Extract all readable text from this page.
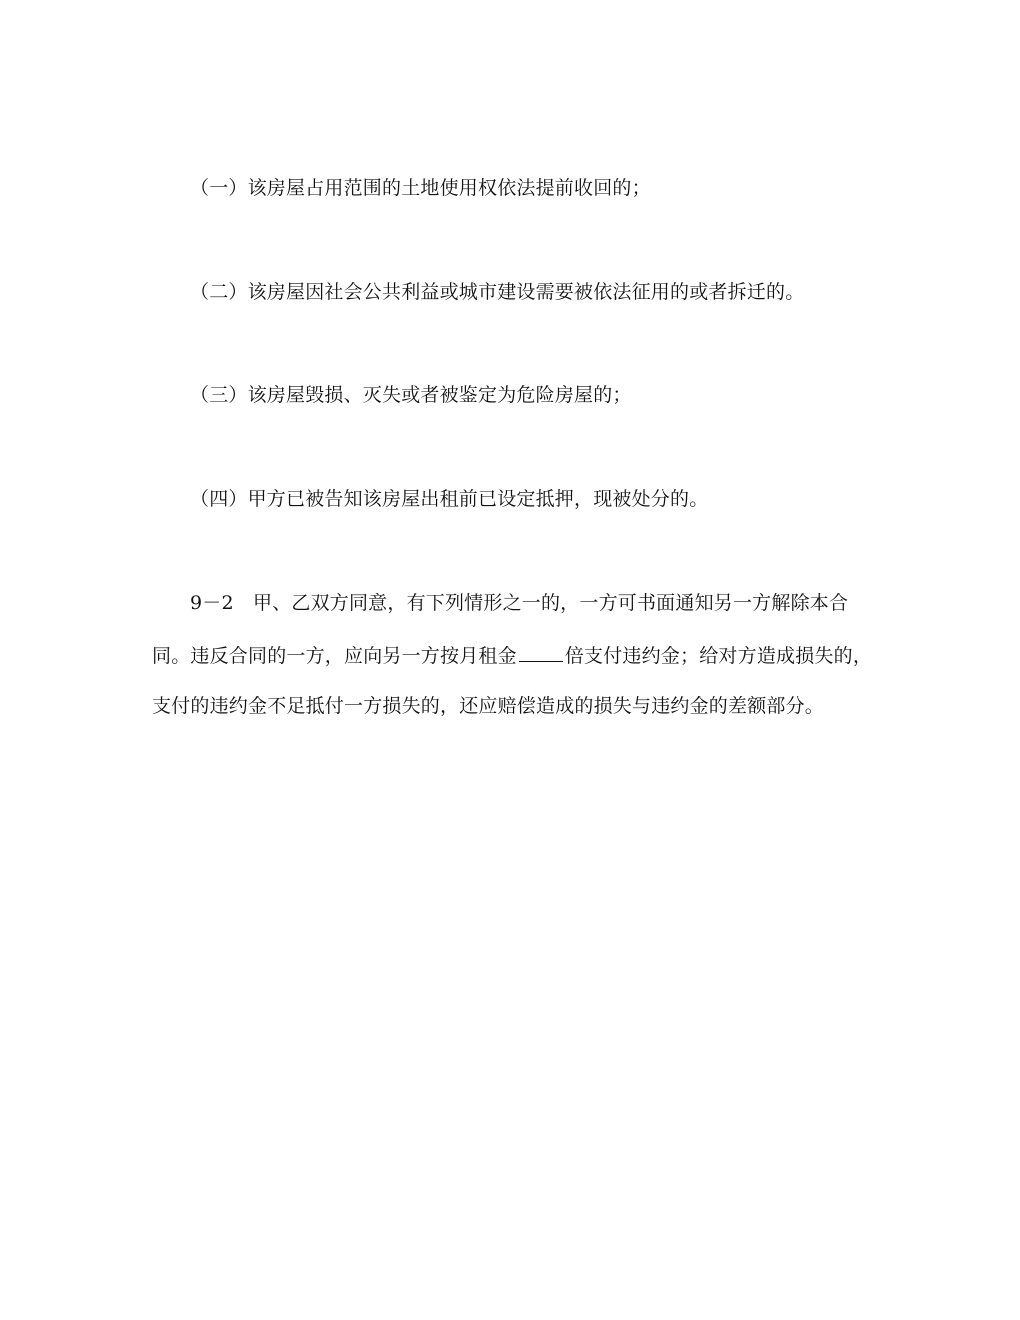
（一）该房屋占用范围的土地使用权依法提前收回的；
（二）该房屋因社会公共利益或城市建设需要被依法征用的或者拆迁的。
（三）该房屋毁损、灭失或者被鉴定为危险房屋的；
（四）甲方已被告知该房屋出租前已设定抵押，现被处分的。
9－2　甲、乙双方同意，有下列情形之一的，一方可书面通知另一方解除本合
同。违反合同的一方，应向另一方按月租金	倍支付违约金；给对方造成损失的，
支付的违约金不足抵付一方损失的，还应赔偿造成的损失与违约金的差额部分。
